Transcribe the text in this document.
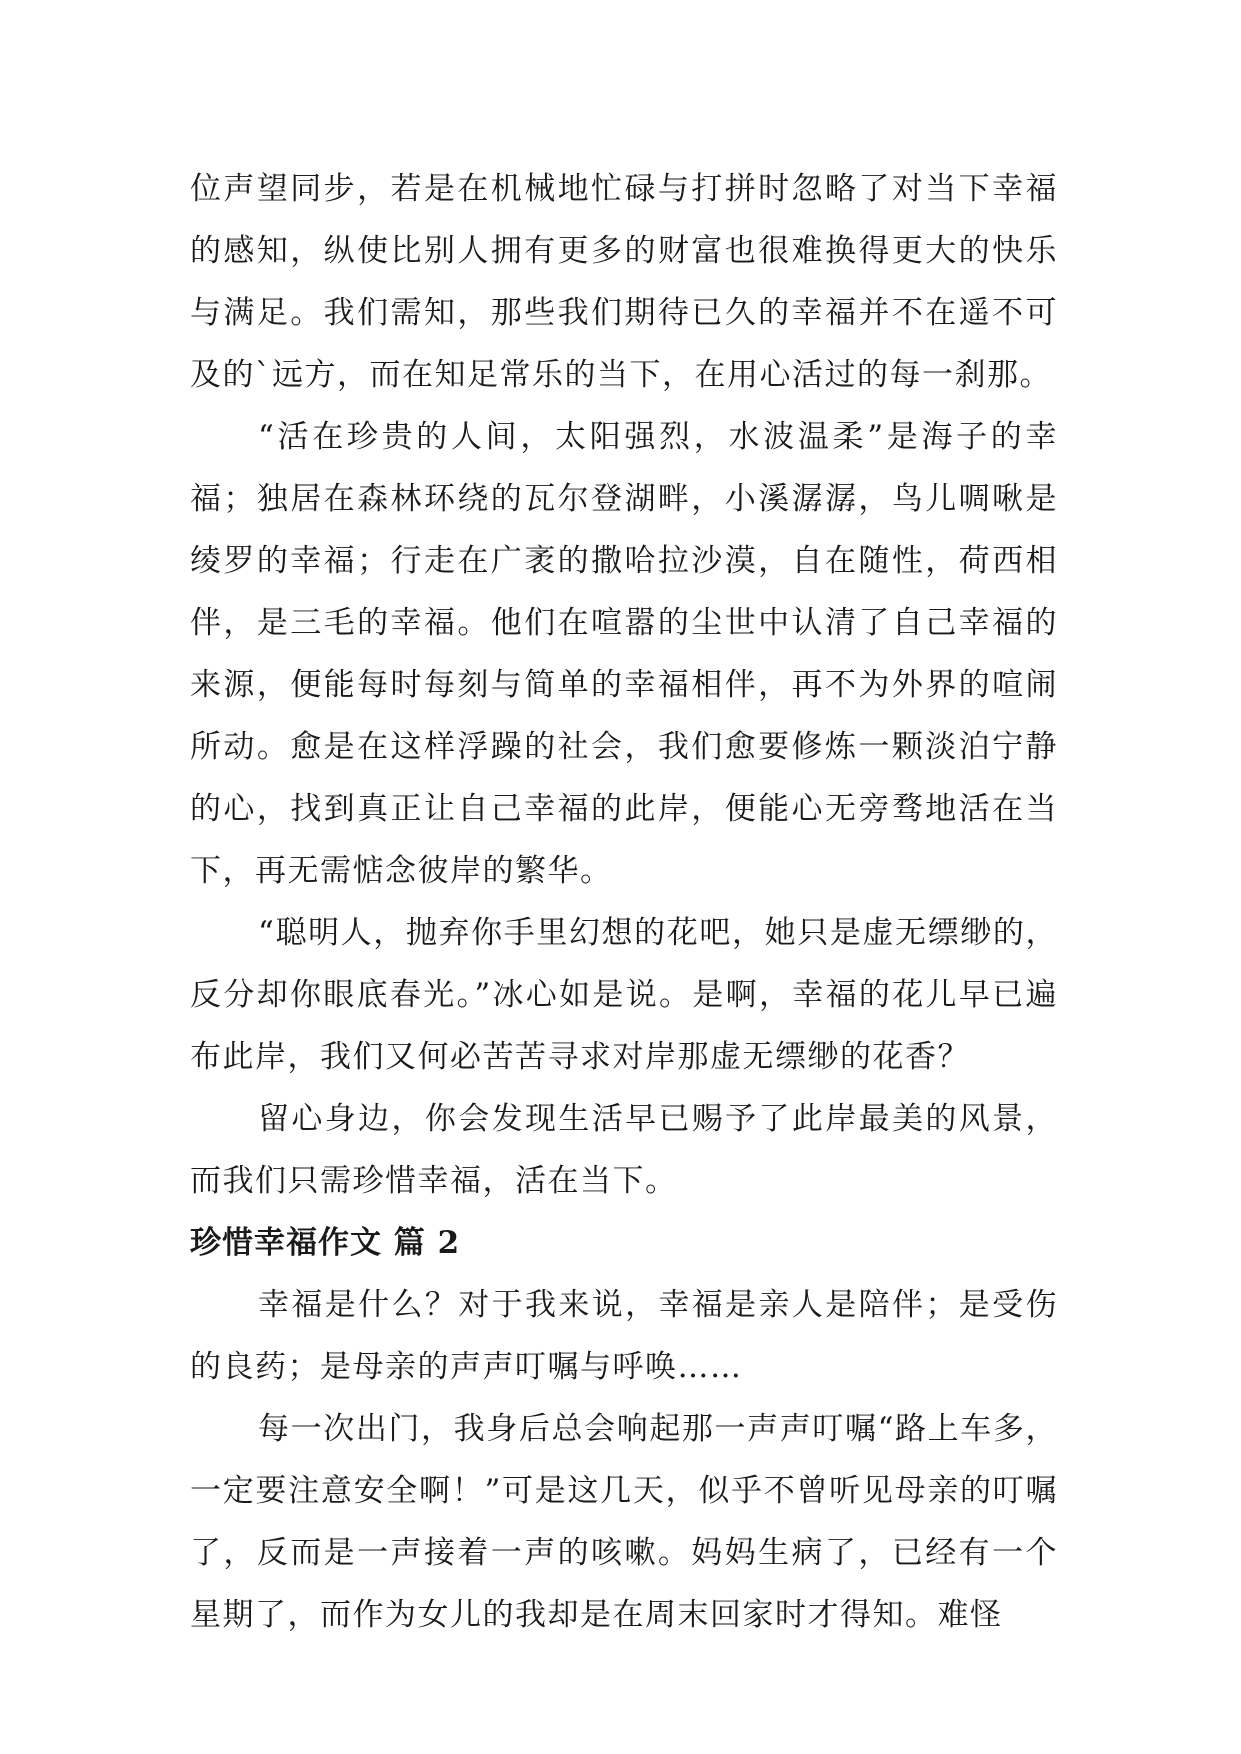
位声望同步，若是在机械地忙碌与打拼时忽略了对当下幸福的感知，纵使比别人拥有更多的财富也很难换得更大的快乐与满足。我们需知，那些我们期待已久的幸福并不在遥不可及的`远方，而在知足常乐的当下，在用心活过的每一刹那。

“活在珍贵的人间，太阳强烈，水波温柔”是海子的幸福；独居在森林环绕的瓦尔登湖畔，小溪潺潺，鸟儿啁啾是绫罗的幸福；行走在广袤的撒哈拉沙漠，自在随性，荷西相伴，是三毛的幸福。他们在喧嚣的尘世中认清了自己幸福的来源，便能每时每刻与简单的幸福相伴，再不为外界的喧闹所动。愈是在这样浮躁的社会，我们愈要修炼一颗淡泊宁静的心，找到真正让自己幸福的此岸，便能心无旁骛地活在当下，再无需惦念彼岸的繁华。

“聪明人，抛弃你手里幻想的花吧，她只是虚无缥缈的，反分却你眼底春光。”冰心如是说。是啊，幸福的花儿早已遍布此岸，我们又何必苦苦寻求对岸那虚无缥缈的花香？

留心身边，你会发现生活早已赐予了此岸最美的风景，而我们只需珍惜幸福，活在当下。

珍惜幸福作文 篇 2

幸福是什么？对于我来说，幸福是亲人是陪伴；是受伤的良药；是母亲的声声叮嘱与呼唤……

每一次出门，我身后总会响起那一声声叮嘱“路上车多，一定要注意安全啊！”可是这几天，似乎不曾听见母亲的叮嘱了，反而是一声接着一声的咳嗽。妈妈生病了，已经有一个星期了，而作为女儿的我却是在周末回家时才得知。难怪
